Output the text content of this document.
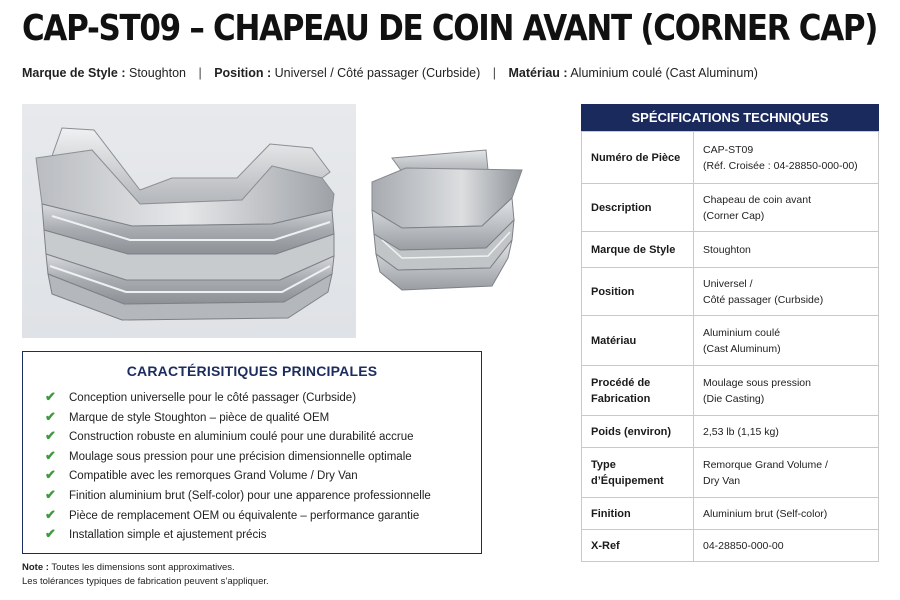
CAP-ST09 – CHAPEAU DE COIN AVANT (CORNER CAP)
Marque de Style : Stoughton | Position : Universel / Côté passager (Curbside) | Matériau : Aluminium coulé (Cast Aluminum)
CARACTÉRISITIQUES PRINCIPALES
✔ Conception universelle pour le côté passager (Curbside)
✔ Marque de style Stoughton – pièce de qualité OEM
✔ Construction robuste en aluminium coulé pour une durabilité accrue
✔ Moulage sous pression pour une précision dimensionnelle optimale
✔ Compatible avec les remorques Grand Volume / Dry Van
✔ Finition aluminium brut (Self-color) pour une apparence professionnelle
✔ Pièce de remplacement OEM ou équivalente – performance garantie
✔ Installation simple et ajustement précis
Note : Toutes les dimensions sont approximatives.
Les tolérances typiques de fabrication peuvent s’appliquer.
SPÉCIFICATIONS TECHNIQUES
Numéro de Pièce	CAP-ST09
(Réf. Croisée : 04-28850-000-00)

Description	Chapeau de coin avant
(Corner Cap)

Marque de Style	Stoughton
Position	Universel /
Côté passager (Curbside)

Matériau	Aluminium coulé
(Cast Aluminum)

Procédé de Fabrication	Moulage sous pression
(Die Casting)

Poids (environ)	2,53 lb (1,15 kg)
Type d’Équipement	Remorque Grand Volume /
Dry Van

Finition	Aluminium brut (Self-color)
X-Ref	04-28850-000-00
